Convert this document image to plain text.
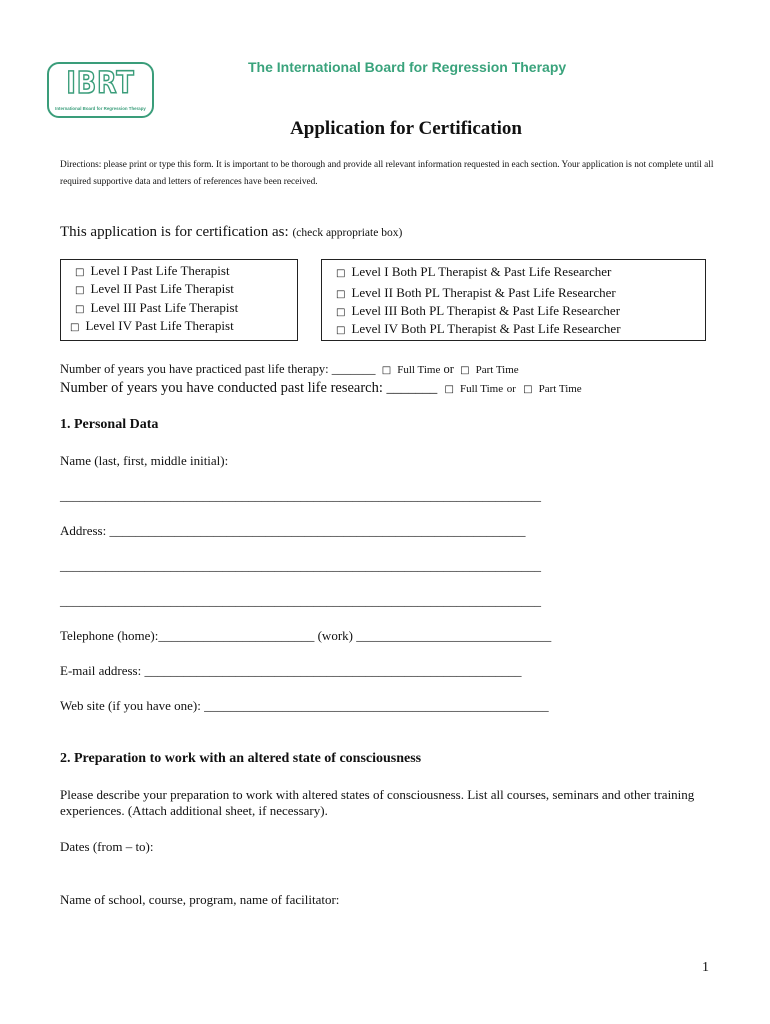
IBRT
International Board for Regression Therapy
The International Board for Regression Therapy
Application for Certification
Directions: please print or type this form. It is important to be thorough and provide all relevant information requested in each section. Your application is not complete until all required supportive data and letters of references have been received.
This application is for certification as: (check appropriate box)
□ Level I Past Life Therapist
□ Level II Past Life Therapist
□ Level III Past Life Therapist
□ Level IV Past Life Therapist
□ Level I Both PL Therapist & Past Life Researcher
□ Level II Both PL Therapist & Past Life Researcher
□ Level III Both PL Therapist & Past Life Researcher
□ Level IV Both PL Therapist & Past Life Researcher
Number of years you have practiced past life therapy: _______ □ Full Time or □ Part Time
Number of years you have conducted past life research: _______ □ Full Time or □ Part Time
1. Personal Data
Name (last, first, middle initial):
__________________________________________________________________________
Address: ________________________________________________________________
__________________________________________________________________________
__________________________________________________________________________
Telephone (home):________________________ (work) ______________________________
E-mail address: __________________________________________________________
Web site (if you have one): _____________________________________________________
2. Preparation to work with an altered state of consciousness
Please describe your preparation to work with altered states of consciousness. List all courses, seminars and other training experiences. (Attach additional sheet, if necessary).
Dates (from – to):
Name of school, course, program, name of facilitator:
1
